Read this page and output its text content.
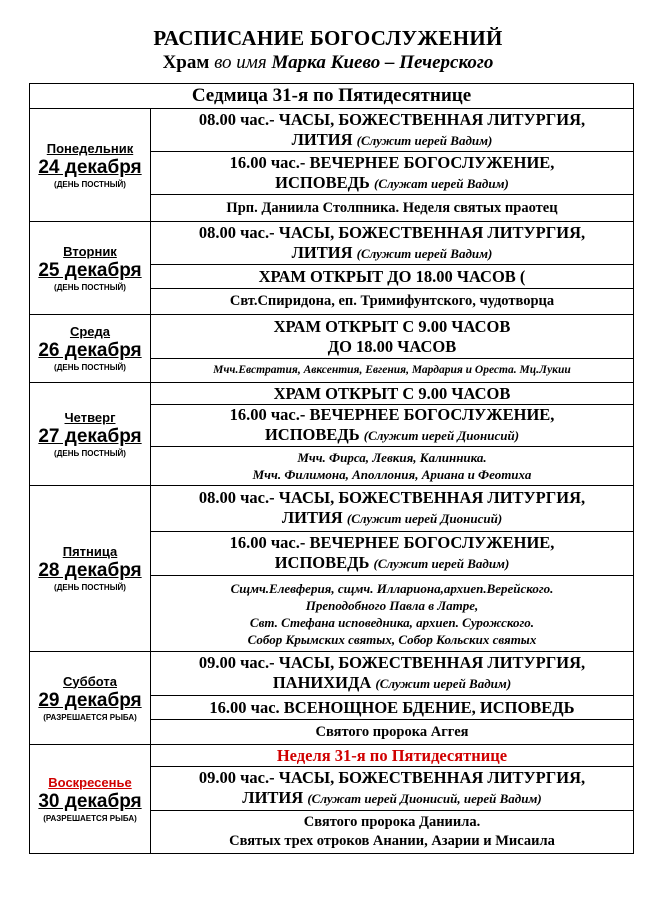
РАСПИСАНИЕ БОГОСЛУЖЕНИЙ
Храм во имя Марка Киево – Печерского
Седмица 31-я по Пятидесятнице
Понедельник
24 декабря
(ДЕНЬ ПОСТНЫЙ)
08.00 час.- ЧАСЫ, БОЖЕСТВЕННАЯ ЛИТУРГИЯ,
ЛИТИЯ (Служит иерей Вадим)
16.00 час.- ВЕЧЕРНЕЕ БОГОСЛУЖЕНИЕ,
ИСПОВЕДЬ (Служат иерей Вадим)
Прп. Даниила Столпника. Неделя святых праотец
Вторник
25 декабря
(ДЕНЬ ПОСТНЫЙ)
08.00 час.- ЧАСЫ, БОЖЕСТВЕННАЯ ЛИТУРГИЯ,
ЛИТИЯ (Служит иерей Вадим)
ХРАМ ОТКРЫТ ДО 18.00 ЧАСОВ (
Свт.Спиридона, еп. Тримифунтского, чудотворца
Среда
26 декабря
(ДЕНЬ ПОСТНЫЙ)
ХРАМ ОТКРЫТ С 9.00 ЧАСОВ
ДО 18.00 ЧАСОВ
Мчч.Евстратия, Авксентия, Евгения, Мардария и Ореста. Мц.Лукии
Четверг
27 декабря
(ДЕНЬ ПОСТНЫЙ)
ХРАМ ОТКРЫТ С 9.00 ЧАСОВ
16.00 час.- ВЕЧЕРНЕЕ БОГОСЛУЖЕНИЕ,
ИСПОВЕДЬ (Служит иерей Дионисий)
Мчч. Фирса, Левкия, Калинника.
Мчч. Филимона, Аполлония, Ариана и Феотиха
Пятница
28 декабря
(ДЕНЬ ПОСТНЫЙ)
08.00 час.- ЧАСЫ, БОЖЕСТВЕННАЯ ЛИТУРГИЯ,
ЛИТИЯ (Служит иерей Дионисий)
16.00 час.- ВЕЧЕРНЕЕ БОГОСЛУЖЕНИЕ,
ИСПОВЕДЬ (Служит иерей Вадим)
Сщмч.Елевферия, сщмч. Иллариона,архиеп.Верейского.
Преподобного Павла в Латре,
Свт. Стефана исповедника, архиеп. Сурожского.
Собор Крымских святых, Собор Кольских святых
Суббота
29 декабря
(РАЗРЕШАЕТСЯ РЫБА)
09.00 час.- ЧАСЫ, БОЖЕСТВЕННАЯ ЛИТУРГИЯ,
ПАНИХИДА (Служит иерей Вадим)
16.00 час. ВСЕНОЩНОЕ БДЕНИЕ, ИСПОВЕДЬ
Святого пророка Аггея
Воскресенье
30 декабря
(РАЗРЕШАЕТСЯ РЫБА)
Неделя 31-я по Пятидесятнице
09.00 час.- ЧАСЫ, БОЖЕСТВЕННАЯ ЛИТУРГИЯ,
ЛИТИЯ (Служат иерей Дионисий, иерей Вадим)
Святого пророка Даниила.
Святых трех отроков Анании, Азарии и Мисаила
